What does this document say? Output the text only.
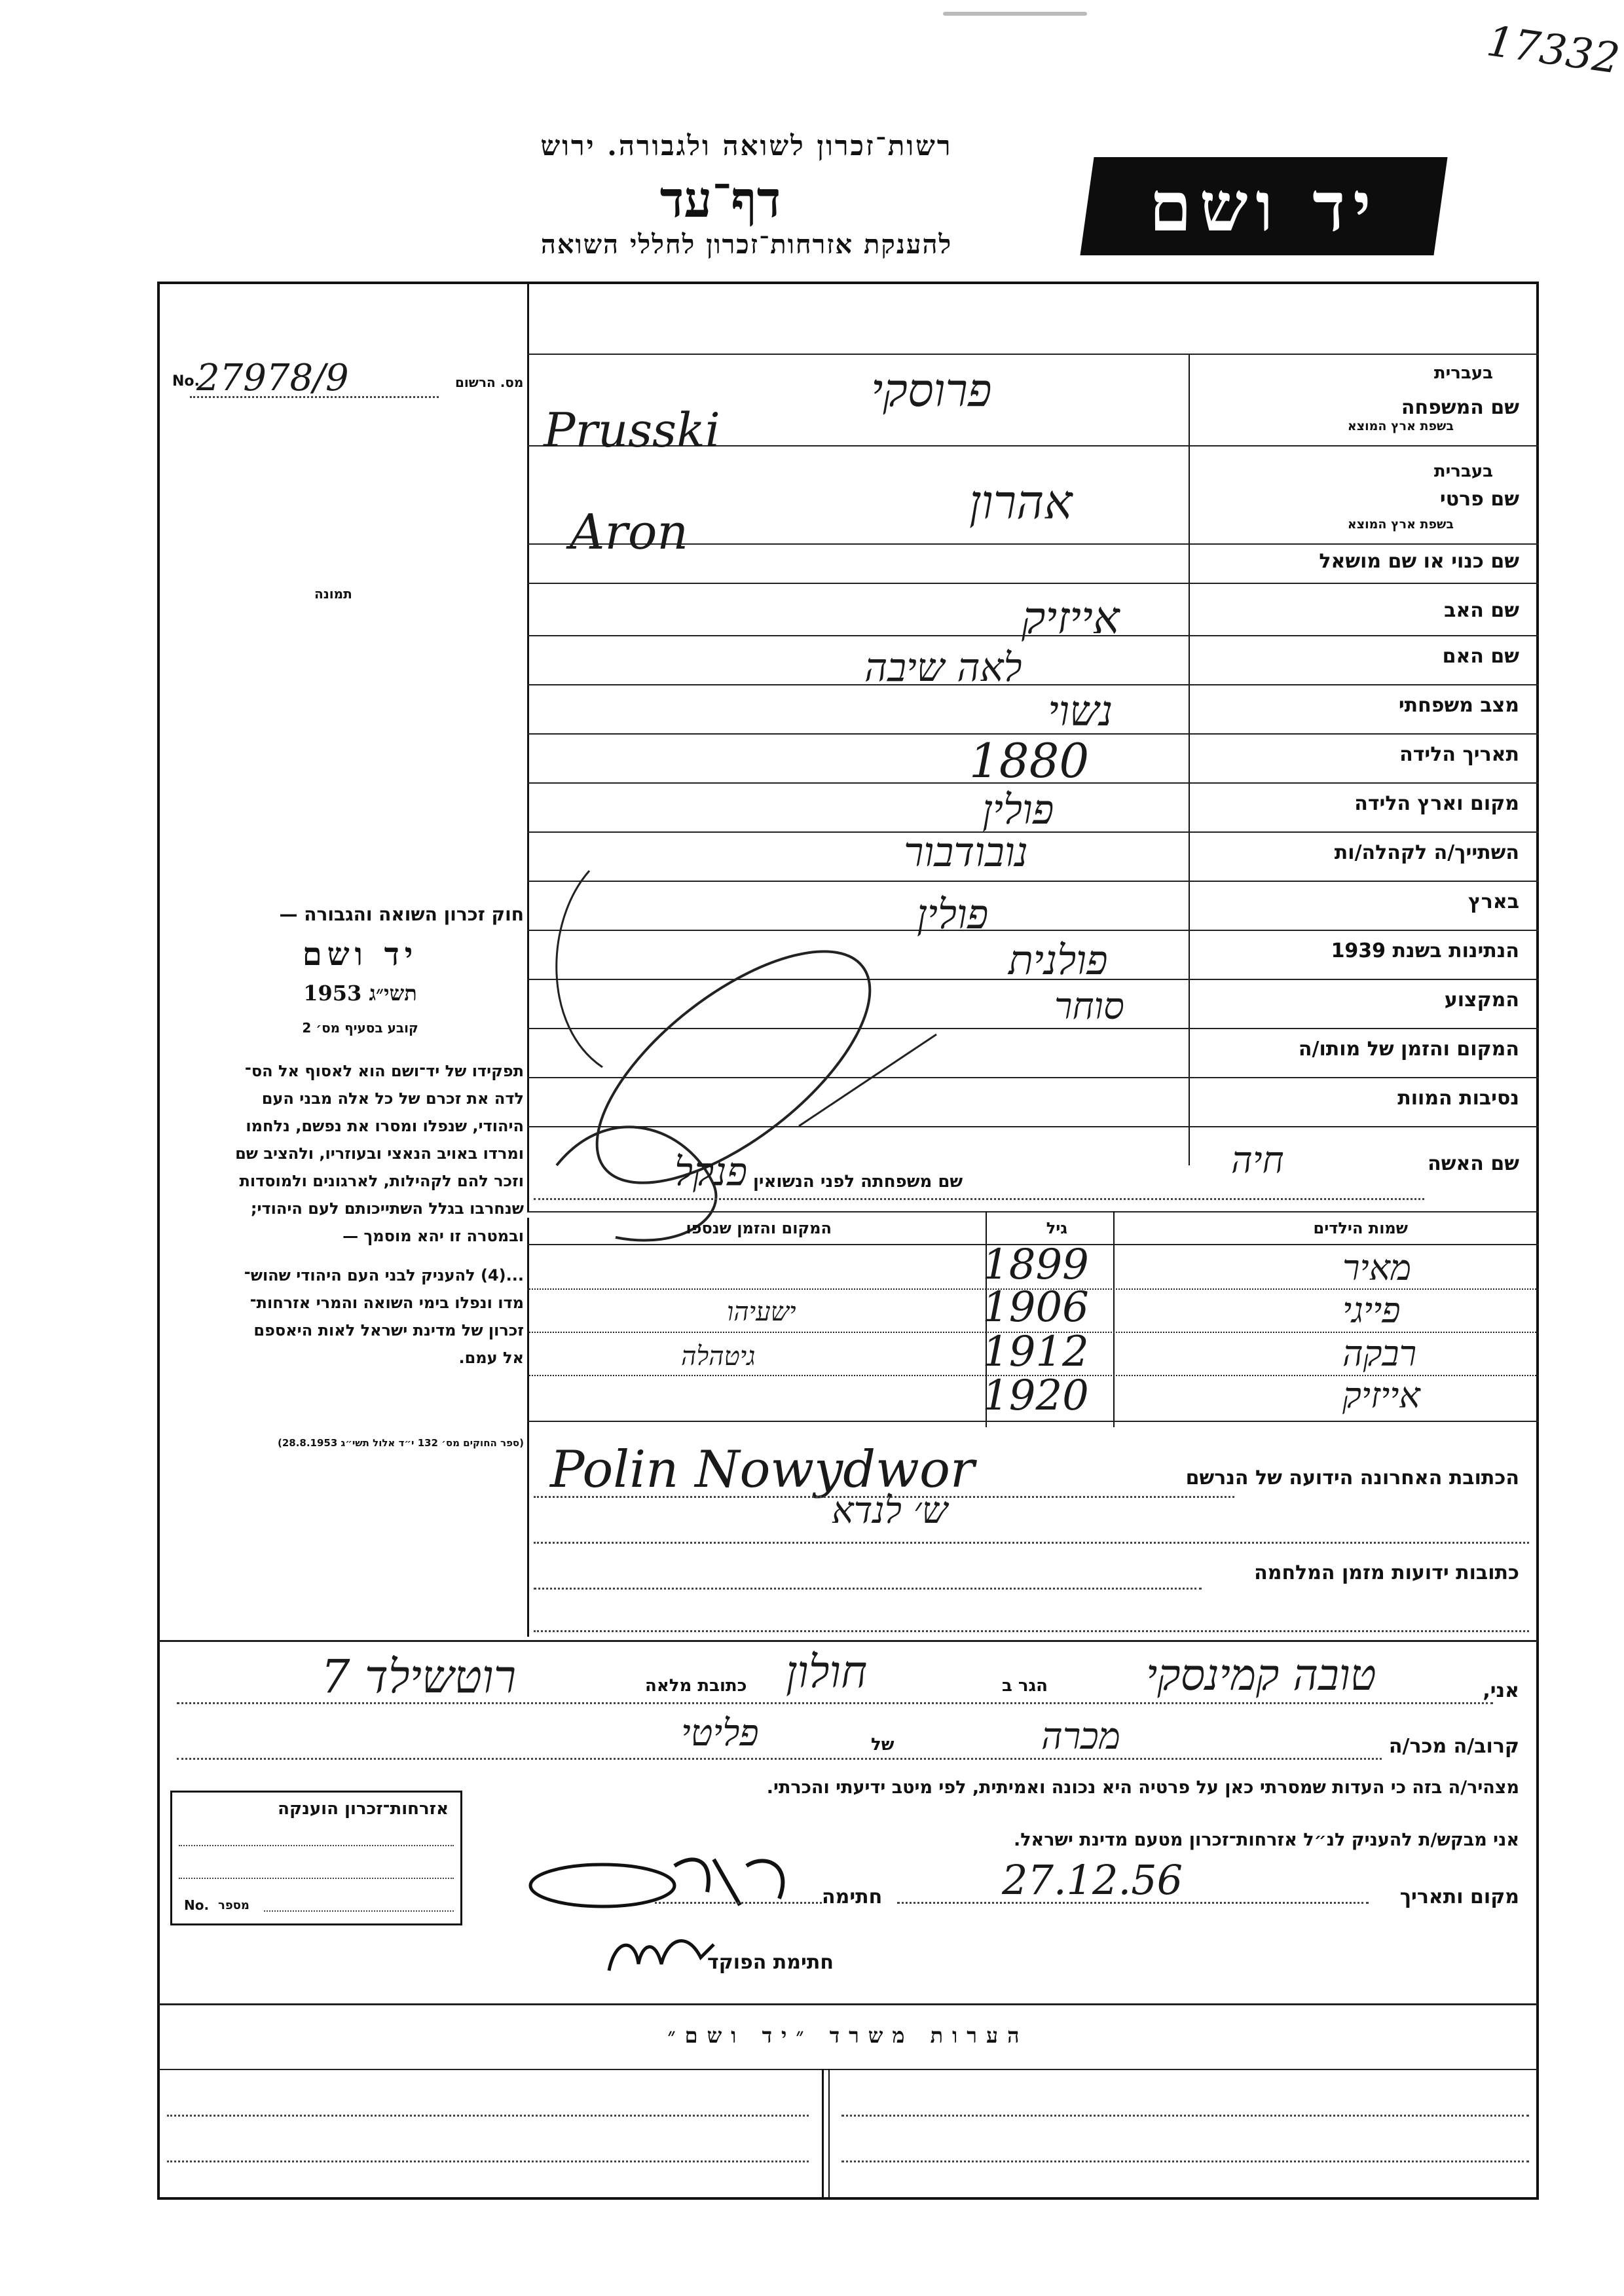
17332
רשות־זכרון לשואה ולגבורה. ירוש
דף־עד
להענקת אזרחות־זכרון לחללי השואה	יד ושם
No.
27978/9	מס. הרשום
תמונה
חוק זכרון השואה והגבורה —
יד ושם
תשי״ג 1953
קובע בסעיף מס׳ 2
תפקידו של יד־ושם הוא לאסוף אל הס־
לדה את זכרם של כל אלה מבני העם
היהודי, שנפלו ומסרו את נפשם, נלחמו
ומרדו באויב הנאצי ובעוזריו, ולהציב שם
וזכר להם לקהילות, לארגונים ולמוסדות
שנחרבו בגלל השתייכותם לעם היהודי;
ובמטרה זו יהא מוסמך —
...(4) להעניק לבני העם היהודי שהוש־
מדו ונפלו בימי השואה והמרי אזרחות־
זכרון של מדינת ישראל לאות היאספם
אל עמם.
(ספר החוקים מס׳ 132 י״ד אלול תשי״ג 28.8.1953)
בעברית
שם המשפחה
בשפת ארץ המוצא
בעברית
שם פרטי
בשפת ארץ המוצא
שם כנוי או שם מושאל
שם האב
שם האם
מצב משפחתי
תאריך הלידה
מקום וארץ הלידה
השתייך/ה לקהלה/ות
בארץ
הנתינות בשנת 1939
המקצוע
המקום והזמן של מותו/ה
נסיבות המוות
פרוסקי
Prusski
אהרון
Aron
אייזיק
לאה שיבה
נשוי
1880
פולין
נובודבור
פולין
פולנית
סוחר
שם האשה
חיה
שם משפחתה לפני הנשואין
פנקל
שמות הילדים
גיל
המקום והזמן שנספו
מאיר
1899
פייגי
1906
ישעיהו
רבקה
1912
גיטהלה
אייזיק
1920
הכתובת האחרונה הידועה של הנרשם
Polin Nowydwor
ש׳ לנדא
כתובות ידועות מזמן המלחמה
אני,
טובה קמינסקי
הגר ב
חולון
כתובת מלאה
רוטשילד 7
קרוב/ה מכר/ה
מכרה
של
פליטי
מצהיר/ה בזה כי העדות שמסרתי כאן על פרטיה היא נכונה ואמיתית, לפי מיטב ידיעתי והכרתי.
אני מבקש/ת להעניק לנ״ל אזרחות־זכרון מטעם מדינת ישראל.
מקום ותאריך
27.12.56
חתימה
חתימת הפוקד
אזרחות־זכרון הוענקה
No. מספר
הערות משרד ״יד ושם״
